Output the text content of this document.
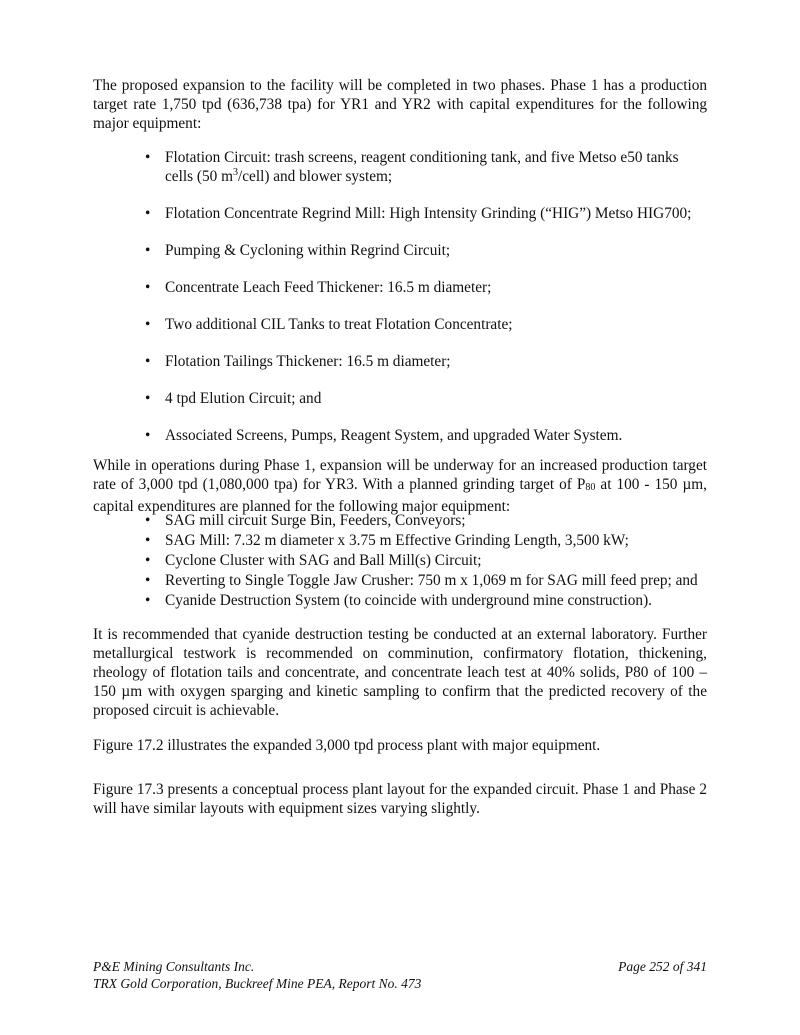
The proposed expansion to the facility will be completed in two phases. Phase 1 has a production target rate 1,750 tpd (636,738 tpa) for YR1 and YR2 with capital expenditures for the following major equipment:

• Flotation Circuit: trash screens, reagent conditioning tank, and five Metso e50 tanks cells (50 $m^3/cell$) and blower system;
• Flotation Concentrate Regrind Mill: High Intensity Grinding (“HIG”) Metso HIG700;
• Pumping & Cycloning within Regrind Circuit;
• Concentrate Leach Feed Thickener: 16.5 m diameter;
• Two additional CIL Tanks to treat Flotation Concentrate;
• Flotation Tailings Thickener: 16.5 m diameter;
• 4 tpd Elution Circuit; and
• Associated Screens, Pumps, Reagent System, and upgraded Water System.

While in operations during Phase 1, expansion will be underway for an increased production target rate of 3,000 tpd (1,080,000 tpa) for YR3. With a planned grinding target of $P_{80}$ at 100 - 150 µm, capital expenditures are planned for the following major equipment:

• SAG mill circuit Surge Bin, Feeders, Conveyors;
• SAG Mill: 7.32 m diameter x 3.75 m Effective Grinding Length, 3,500 kW;
• Cyclone Cluster with SAG and Ball Mill(s) Circuit;
• Reverting to Single Toggle Jaw Crusher: 750 m x 1,069 m for SAG mill feed prep; and
• Cyanide Destruction System (to coincide with underground mine construction).

It is recommended that cyanide destruction testing be conducted at an external laboratory. Further metallurgical testwork is recommended on comminution, confirmatory flotation, thickening, rheology of flotation tails and concentrate, and concentrate leach test at 40% solids, P80 of 100 – 150 µm with oxygen sparging and kinetic sampling to confirm that the predicted recovery of the proposed circuit is achievable.

Figure 17.2 illustrates the expanded 3,000 tpd process plant with major equipment.

Figure 17.3 presents a conceptual process plant layout for the expanded circuit. Phase 1 and Phase 2 will have similar layouts with equipment sizes varying slightly.

P&E Mining Consultants Inc.
TRX Gold Corporation, Buckreef Mine PEA, Report No. 473
Page 252 of 341
